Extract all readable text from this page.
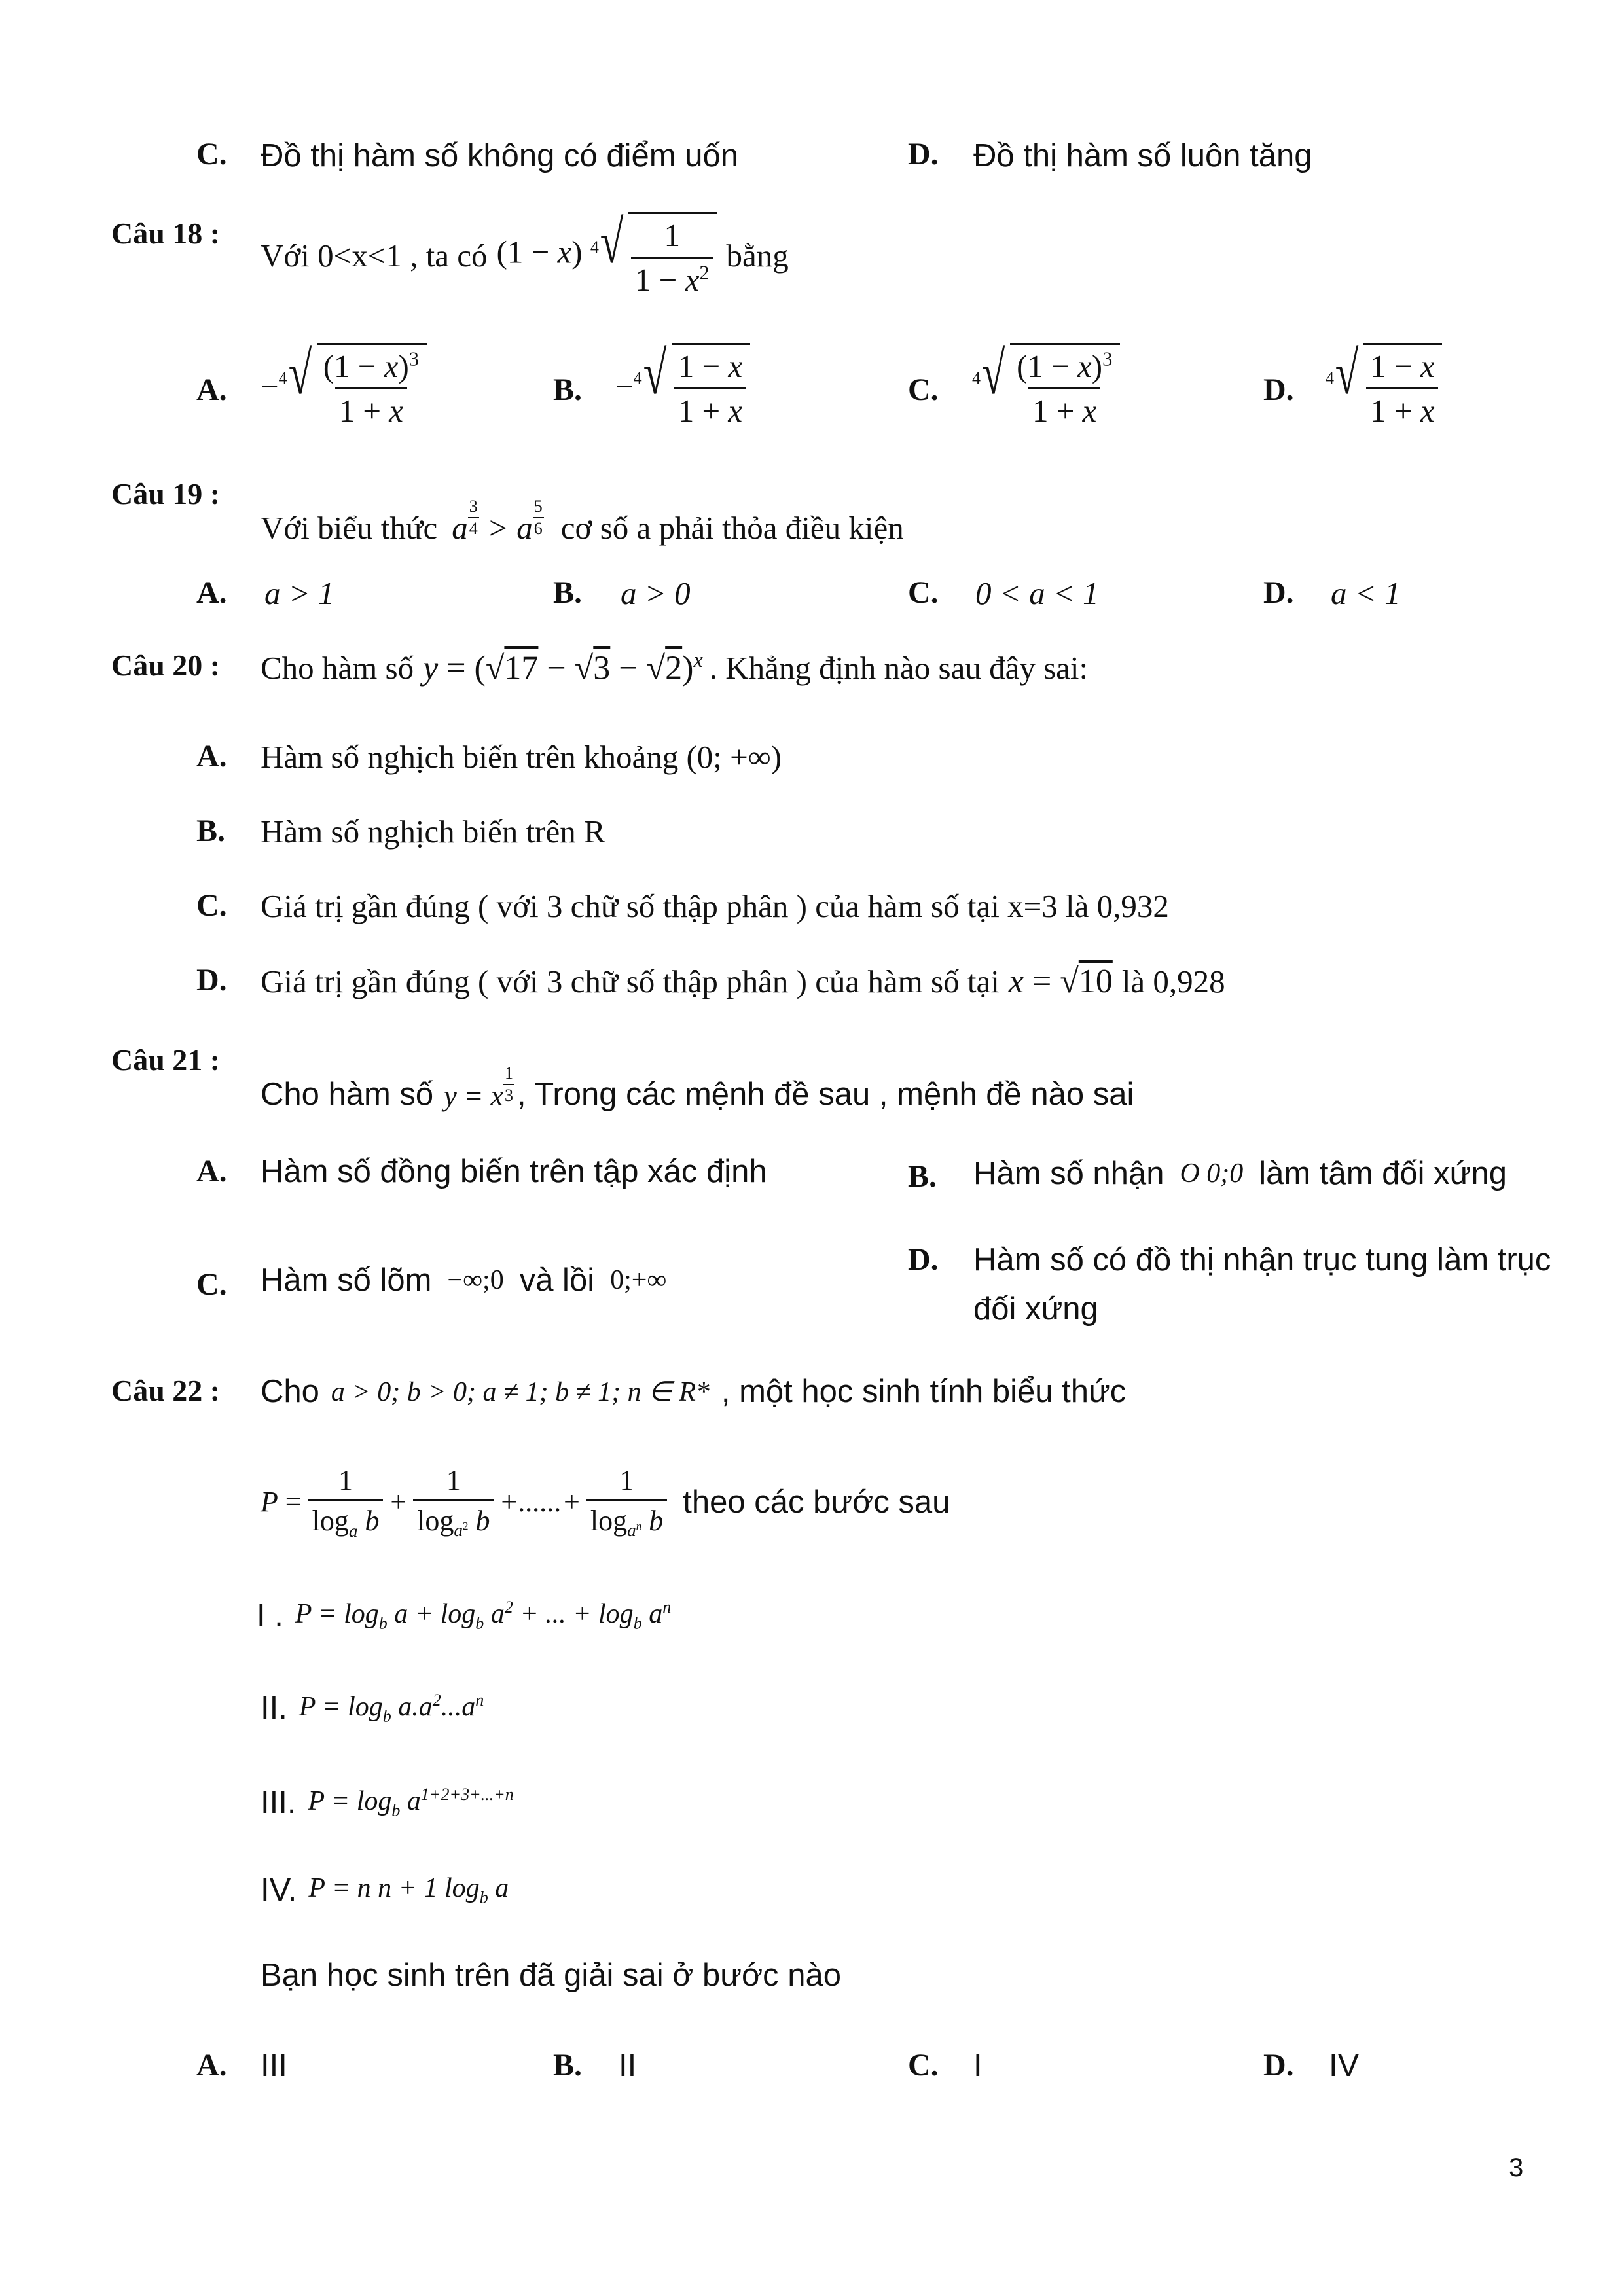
C. Đồ thị hàm số không có điểm uốn	D. Đồ thị hàm số luôn tăng
Câu 18 :
Với 0<x<1 , ta có (1 − x) 4 √ $\frac{1}{1 - x^2}$ bằng
A. − 4 √ $\frac{(1 - x)^3}{1 + x}$	B. − 4 √ $\frac{1 - x}{1 + x}$	C. 4 √ $\frac{(1 - x)^3}{1 + x}$	D. 4 √ $\frac{1 - x}{1 + x}$
Câu 19 :
Với biểu thức a $^{\frac{3}{4}}$ > a $^{\frac{5}{6}}$ cơ số a phải thỏa điều kiện
A. a > 1	B. a > 0	C. 0 < a < 1	D. a < 1
Câu 20 : Cho hàm số $y = (√17 - √3 - √2)^x$ . Khẳng định nào sau đây sai:
A. Hàm số nghịch biến trên khoảng (0; +∞)
B. Hàm số nghịch biến trên R
C. Giá trị gần đúng ( với 3 chữ số thập phân ) của hàm số tại x=3 là 0,932
D. Giá trị gần đúng ( với 3 chữ số thập phân ) của hàm số tại x = √10 là 0,928
Câu 21 :
Cho hàm số y = x $^{\frac{1}{3}}$ , Trong các mệnh đề sau , mệnh đề nào sai
A. Hàm số đồng biến trên tập xác định	B. Hàm số nhận O 0;0 làm tâm đối xứng
C. Hàm số lõm −∞;0 và lồi 0;+∞
D. Hàm số có đồ thị nhận trục tung làm trục
đối xứng
Câu 22 : Cho a > 0; b > 0; a ≠ 1; b ≠ 1; n ∈ R* , một học sinh tính biểu thức
$P = \frac{1}{\log_a b} + \frac{1}{\log_{a^2} b}$ +......+ $\frac{1}{\log_{a^n} b}$ theo các bước sau
I . $P = \log_b a + \log_b a^2$ + ... + $\log_b a^n$
II. $P = \log_b a.a^2...a^n$
III. $P = \log_b a^{1+2+3+...+n}$
IV. P = n n + 1 $\log_b a$
Bạn học sinh trên đã giải sai ở bước nào
A. III	B. II	C. I	D. IV
3
